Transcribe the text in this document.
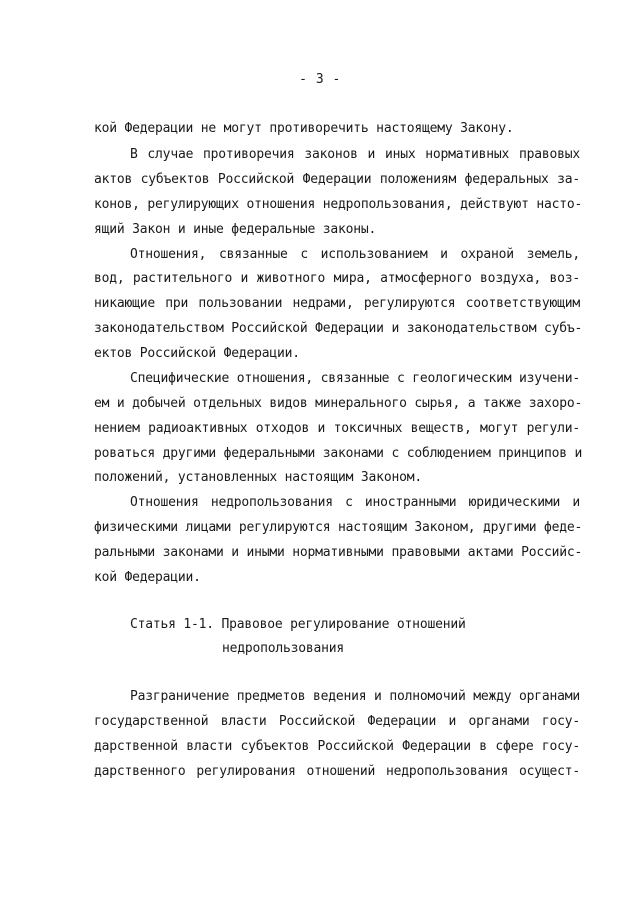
- 3 -
кой Федерации не могут противоречить настоящему Закону.
В случае противоречия законов и иных нормативных правовых
актов субъектов Российской Федерации положениям федеральных за-
конов, регулирующих отношения недропользования, действуют насто-
ящий Закон и иные федеральные законы.
Отношения, связанные с использованием и охраной земель,
вод, растительного и животного мира, атмосферного воздуха, воз-
никающие при пользовании недрами, регулируются соответствующим
законодательством Российской Федерации и законодательством субъ-
ектов Российской Федерации.
Специфические отношения, связанные с геологическим изучени-
ем и добычей отдельных видов минерального сырья, а также захоро-
нением радиоактивных отходов и токсичных веществ, могут регули-
роваться другими федеральными законами с соблюдением принципов и
положений, установленных настоящим Законом.
Отношения недропользования с иностранными юридическими и
физическими лицами регулируются настоящим Законом, другими феде-
ральными законами и иными нормативными правовыми актами Российс-
кой Федерации.
Статья 1-1. Правовое регулирование отношений
недропользования
Разграничение предметов ведения и полномочий между органами
государственной власти Российской Федерации и органами госу-
дарственной власти субъектов Российской Федерации в сфере госу-
дарственного регулирования отношений недропользования осущест-
